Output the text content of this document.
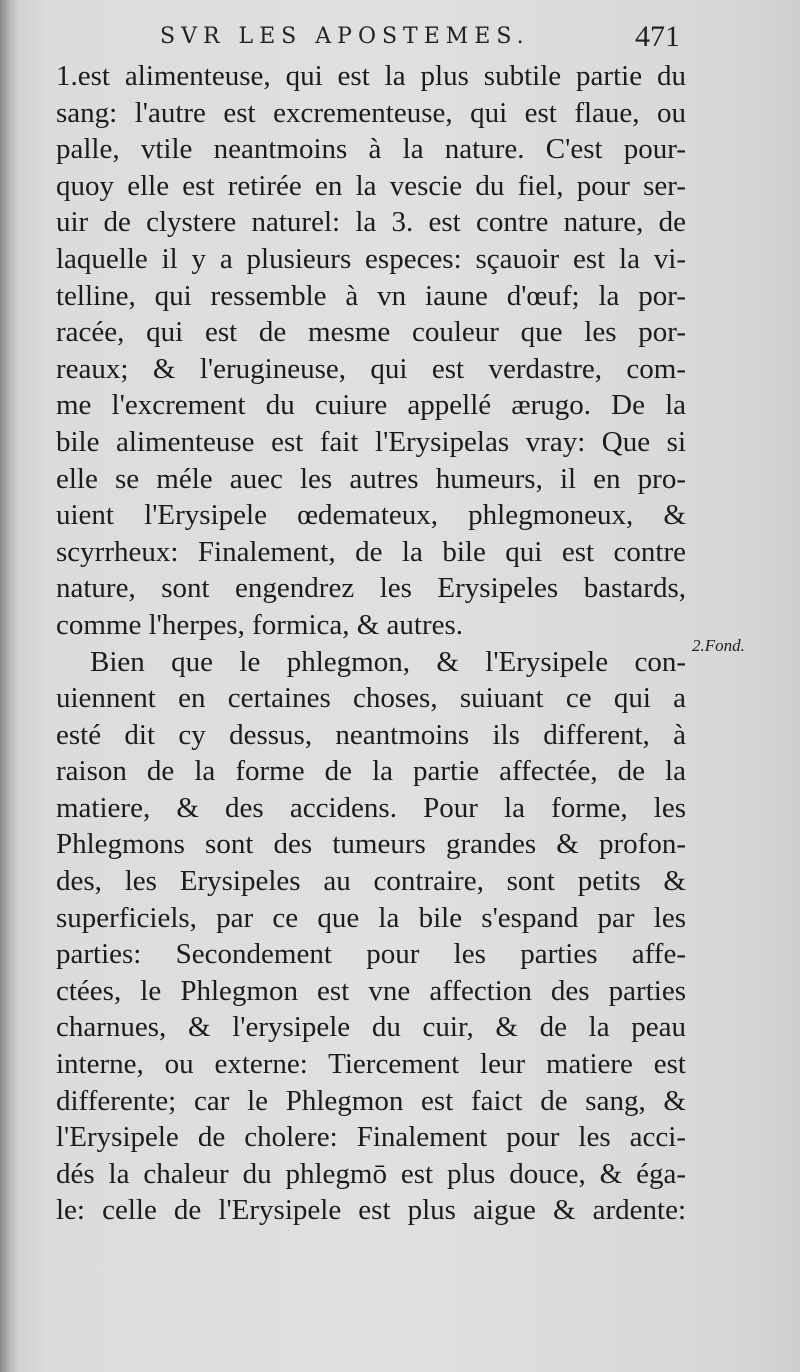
SVR LES APOSTEMES.	471
1.est alimenteuse, qui est la plus subtile partie du
sang: l'autre est excrementeuse, qui est flaue, ou
palle, vtile neantmoins à la nature. C'est pour-
quoy elle est retirée en la vescie du fiel, pour ser-
uir de clystere naturel: la 3. est contre nature, de
laquelle il y a plusieurs especes: sçauoir est la vi-
telline, qui ressemble à vn iaune d'œuf; la por-
racée, qui est de mesme couleur que les por-
reaux; & l'erugineuse, qui est verdastre, com-
me l'excrement du cuiure appellé ærugo. De la
bile alimenteuse est fait l'Erysipelas vray: Que si
elle se méle auec les autres humeurs, il en pro-
uient l'Erysipele œdemateux, phlegmoneux, &
scyrrheux: Finalement, de la bile qui est contre
nature, sont engendrez les Erysipeles bastards,
comme l'herpes, formica, & autres.
Bien que le phlegmon, & l'Erysipele con-
uiennent en certaines choses, suiuant ce qui a
esté dit cy dessus, neantmoins ils different, à
raison de la forme de la partie affectée, de la
matiere, & des accidens. Pour la forme, les
Phlegmons sont des tumeurs grandes & profon-
des, les Erysipeles au contraire, sont petits &
superficiels, par ce que la bile s'espand par les
parties: Secondement pour les parties affe-
ctées, le Phlegmon est vne affection des parties
charnues, & l'erysipele du cuir, & de la peau
interne, ou externe: Tiercement leur matiere est
differente; car le Phlegmon est faict de sang, &
l'Erysipele de cholere: Finalement pour les acci-
dés la chaleur du phlegmō est plus douce, & éga-
le: celle de l'Erysipele est plus aigue & ardente:
2.Fond.
